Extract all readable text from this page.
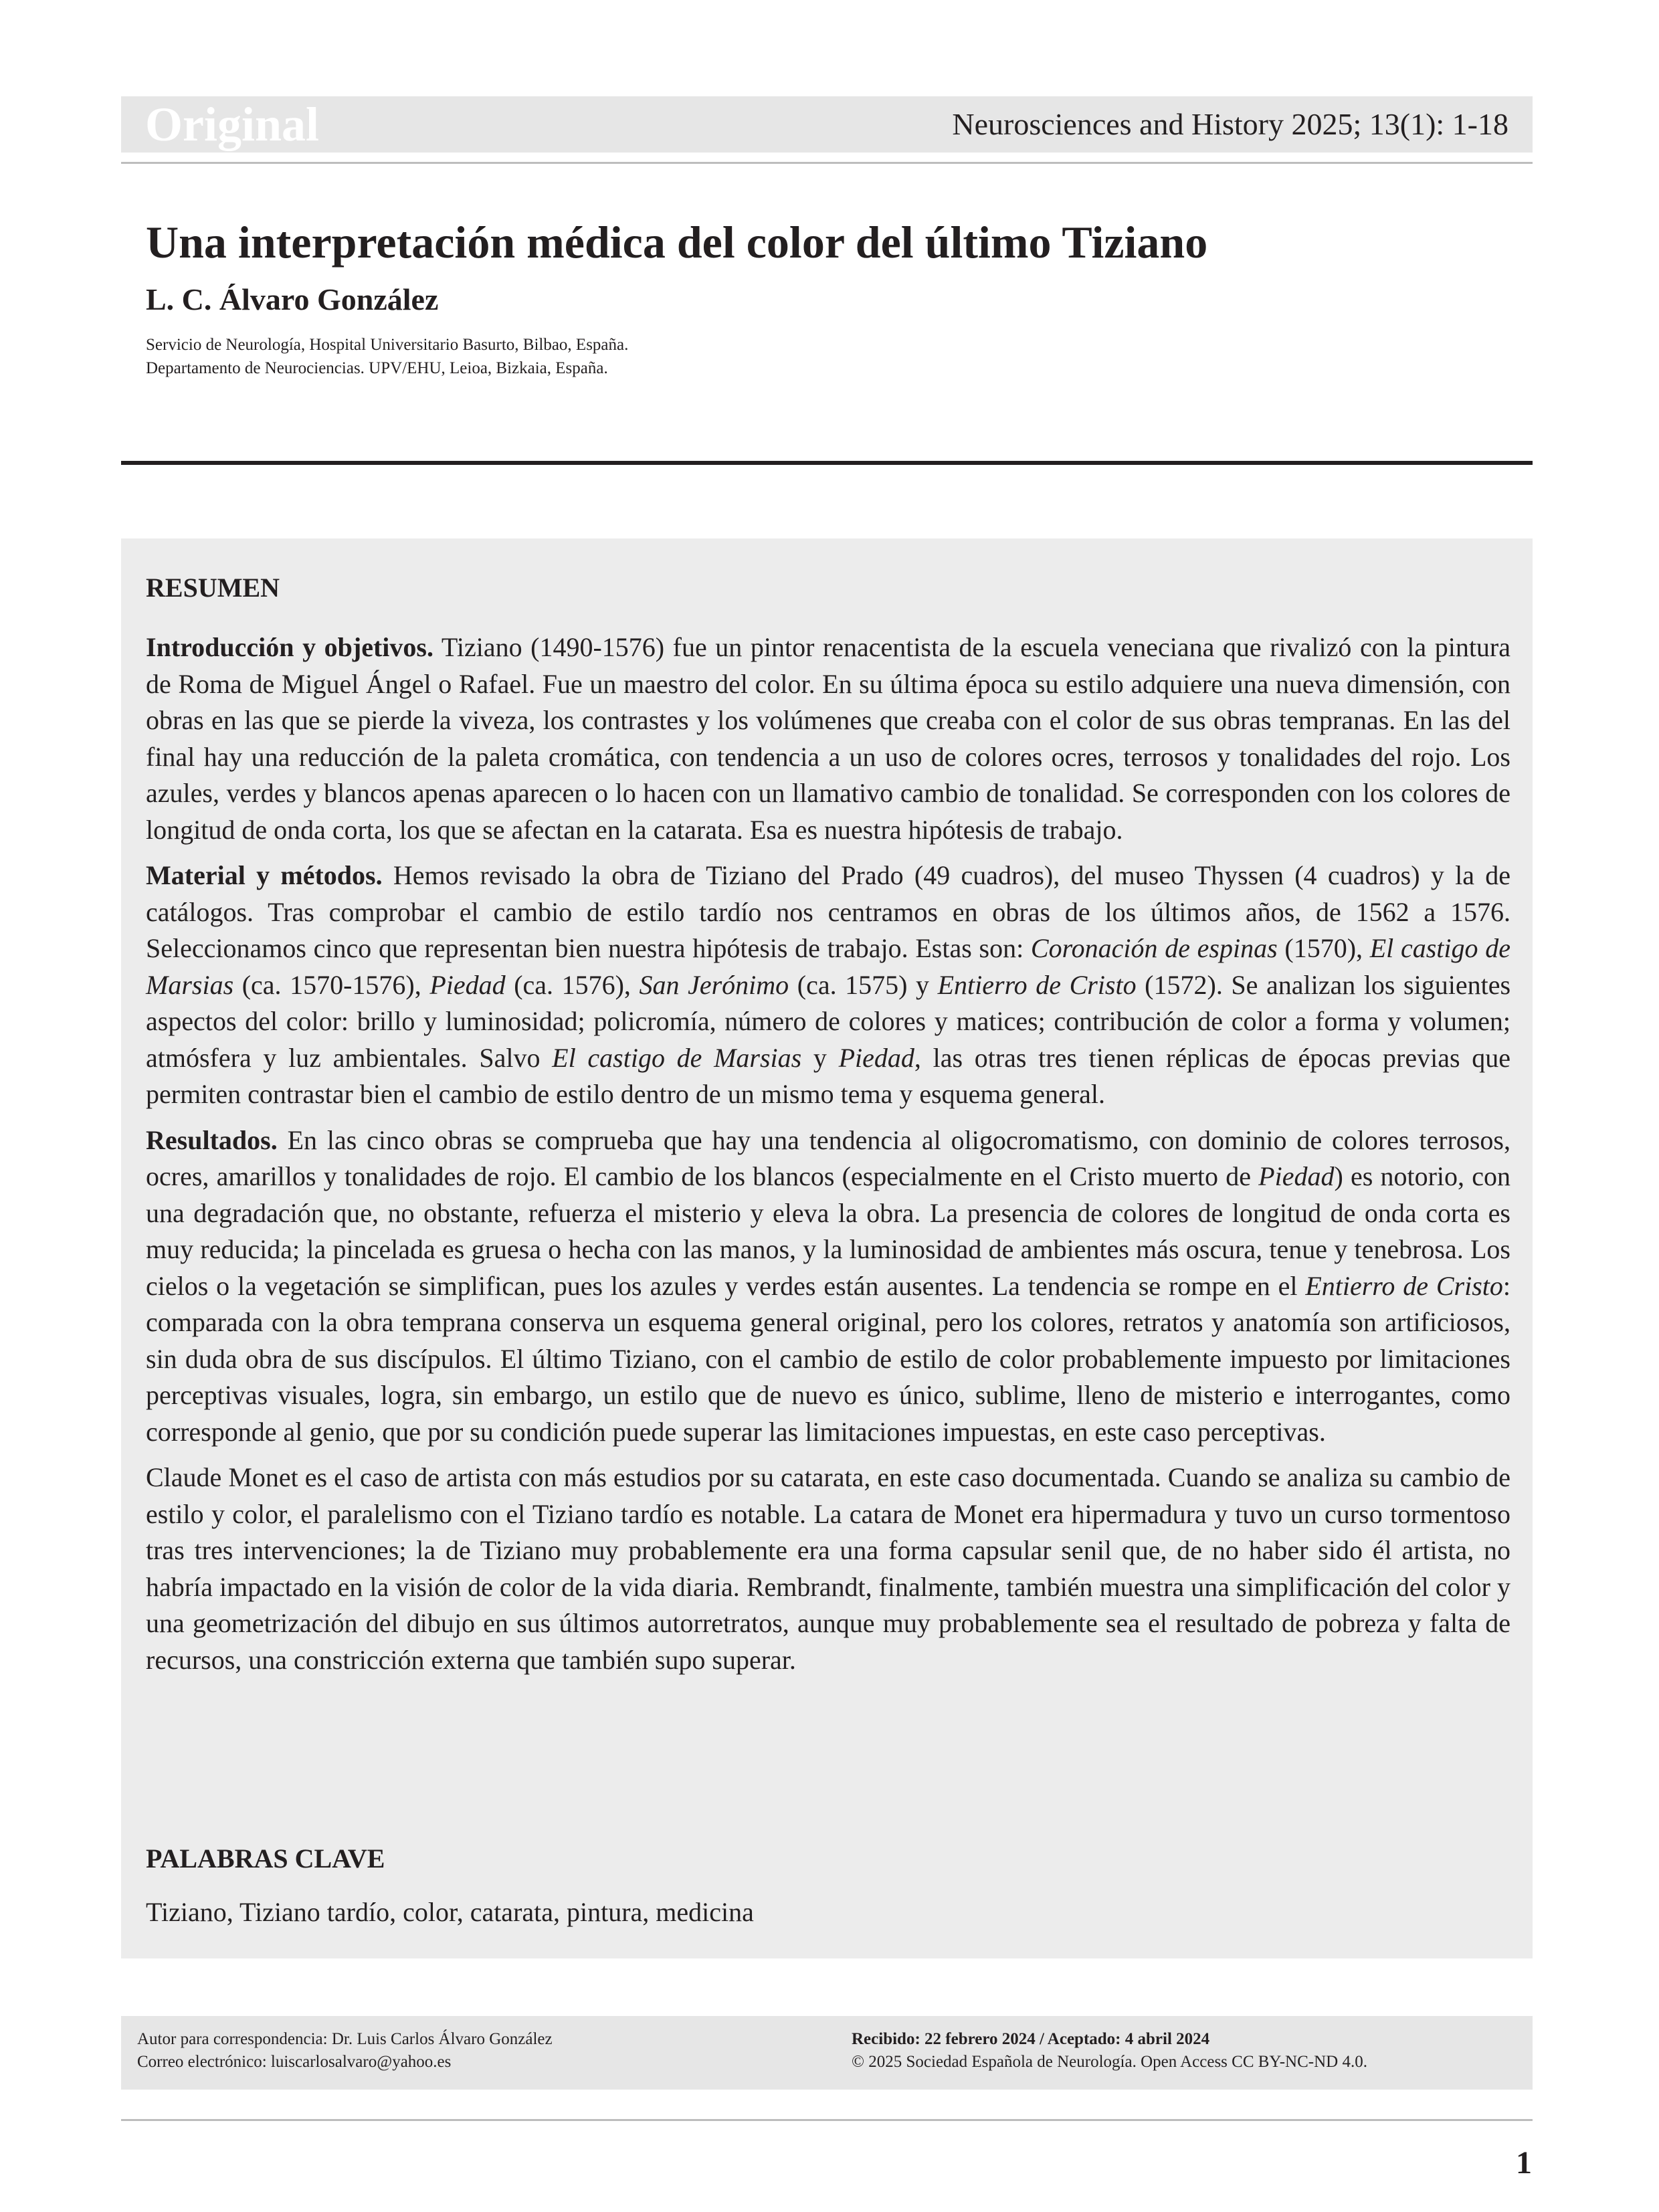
Original	Neurosciences and History 2025; 13(1): 1-18
Una interpretación médica del color del último Tiziano
L. C. Álvaro González
Servicio de Neurología, Hospital Universitario Basurto, Bilbao, España.
Departamento de Neurociencias. UPV/EHU, Leioa, Bizkaia, España.
RESUMEN

Introducción y objetivos. Tiziano (1490-1576) fue un pintor renacentista de la escuela veneciana que rivalizó con la pintura de Roma de Miguel Ángel o Rafael. Fue un maestro del color. En su última época su estilo adquiere una nueva dimensión, con obras en las que se pierde la viveza, los contrastes y los volúmenes que creaba con el color de sus obras tempranas. En las del final hay una reducción de la paleta cromática, con tendencia a un uso de colores ocres, terrosos y tonalidades del rojo. Los azules, verdes y blancos apenas aparecen o lo hacen con un llamativo cambio de tonalidad. Se corresponden con los colores de longitud de onda corta, los que se afectan en la catarata. Esa es nuestra hipótesis de trabajo.

Material y métodos. Hemos revisado la obra de Tiziano del Prado (49 cuadros), del museo Thyssen (4 cuadros) y la de catálogos. Tras comprobar el cambio de estilo tardío nos centramos en obras de los últimos años, de 1562 a 1576. Seleccionamos cinco que representan bien nuestra hipótesis de trabajo. Estas son: Coronación de espinas (1570), El castigo de Marsias (ca. 1570-1576), Piedad (ca. 1576), San Jerónimo (ca. 1575) y Entierro de Cristo (1572). Se analizan los siguientes aspectos del color: brillo y luminosidad; policromía, número de colores y matices; contribución de color a forma y volumen; atmósfera y luz ambientales. Salvo El castigo de Marsias y Piedad, las otras tres tienen réplicas de épocas previas que permiten contrastar bien el cambio de estilo dentro de un mismo tema y esquema general.

Resultados. En las cinco obras se comprueba que hay una tendencia al oligocromatismo, con dominio de colores terrosos, ocres, amarillos y tonalidades de rojo. El cambio de los blancos (especialmente en el Cristo muerto de Piedad) es notorio, con una degradación que, no obstante, refuerza el misterio y eleva la obra. La presencia de colores de longitud de onda corta es muy reducida; la pincelada es gruesa o hecha con las manos, y la luminosidad de ambientes más oscura, tenue y tenebrosa. Los cielos o la vegetación se simplifican, pues los azules y verdes están ausentes. La tendencia se rompe en el Entierro de Cristo: comparada con la obra temprana conserva un esquema general original, pero los colores, retratos y anatomía son artificiosos, sin duda obra de sus discípulos. El último Tiziano, con el cambio de estilo de color probablemente impuesto por limitaciones perceptivas visuales, logra, sin embargo, un estilo que de nuevo es único, sublime, lleno de misterio e interrogantes, como corresponde al genio, que por su condición puede superar las limitaciones impuestas, en este caso perceptivas.

Claude Monet es el caso de artista con más estudios por su catarata, en este caso documentada. Cuando se analiza su cambio de estilo y color, el paralelismo con el Tiziano tardío es notable. La catara de Monet era hipermadura y tuvo un curso tormentoso tras tres intervenciones; la de Tiziano muy probablemente era una forma capsular senil que, de no haber sido él artista, no habría impactado en la visión de color de la vida diaria. Rembrandt, finalmente, también muestra una simplificación del color y una geometrización del dibujo en sus últimos autorretratos, aunque muy probablemente sea el resultado de pobreza y falta de recursos, una constricción externa que también supo superar.

PALABRAS CLAVE
Tiziano, Tiziano tardío, color, catarata, pintura, medicina
Autor para correspondencia: Dr. Luis Carlos Álvaro González
Correo electrónico: luiscarlosalvaro@yahoo.es
Recibido: 22 febrero 2024 / Aceptado: 4 abril 2024
© 2025 Sociedad Española de Neurología. Open Access CC BY-NC-ND 4.0.
1
